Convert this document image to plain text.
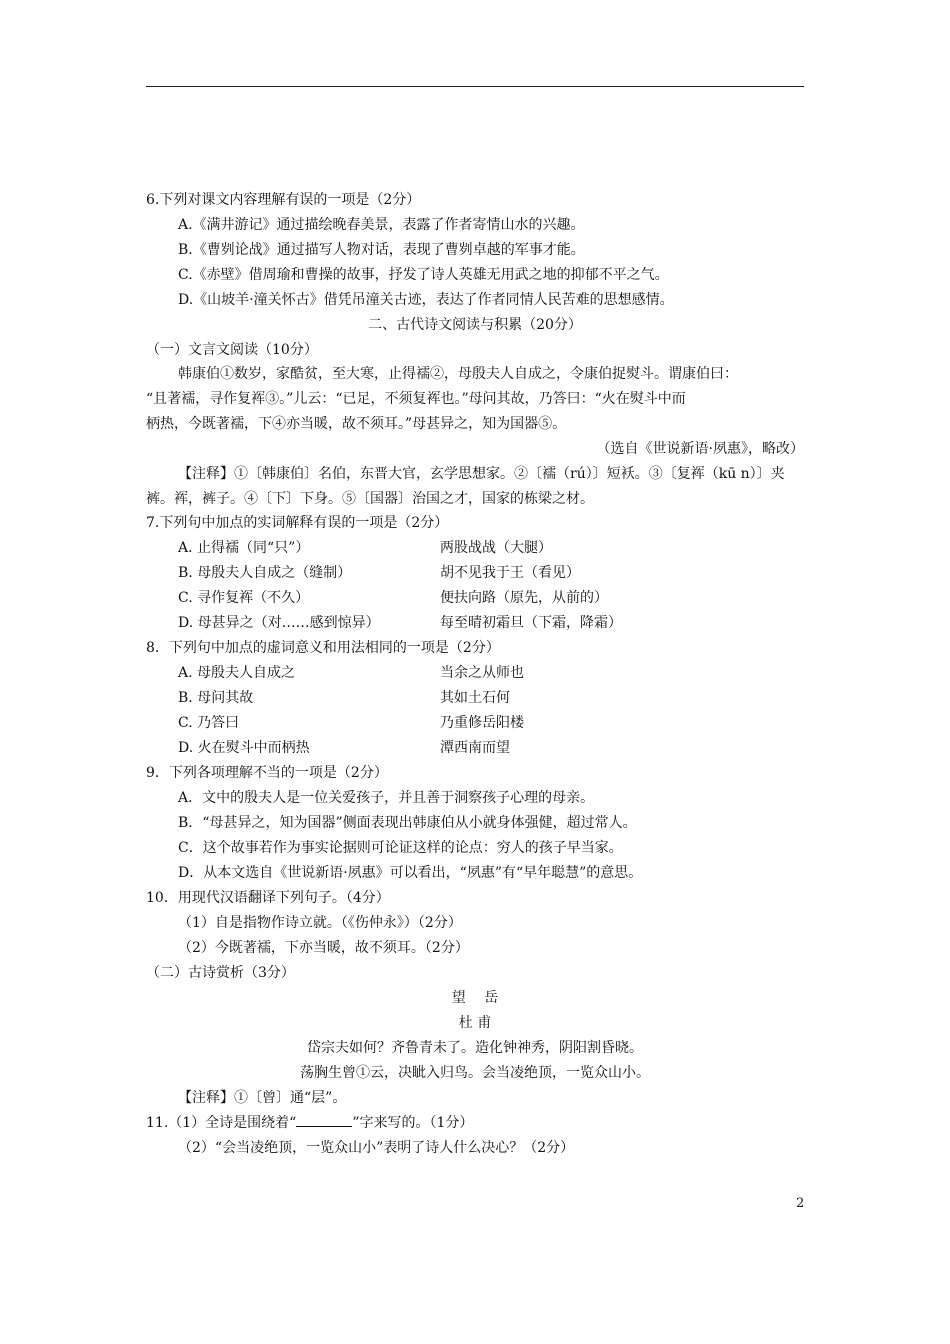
6.下列对课文内容理解有误的一项是（2分）
A.《满井游记》通过描绘晚春美景，表露了作者寄情山水的兴趣。
B.《曹刿论战》通过描写人物对话，表现了曹刿卓越的军事才能。
C.《赤壁》借周瑜和曹操的故事，抒发了诗人英雄无用武之地的抑郁不平之气。
D.《山坡羊·潼关怀古》借凭吊潼关古迹，表达了作者同情人民苦难的思想感情。
二、古代诗文阅读与积累（20分）
（一）文言文阅读（10分）
韩康伯①数岁，家酷贫，至大寒，止得襦②，母殷夫人自成之，令康伯捉熨斗。谓康伯曰：
“且著襦，寻作复裈③。”儿云：“已足，不须复裈也。”母问其故，乃答曰：“火在熨斗中而
柄热，今既著襦，下④亦当暖，故不须耳。”母甚异之，知为国器⑤。
（选自《世说新语·夙惠》，略改）
【注释】①〔韩康伯〕名伯，东晋大官，玄学思想家。②〔襦（rú）〕短袄。③〔复裈（kū n）〕夹
裤。裈，裤子。④〔下〕下身。⑤〔国器〕治国之才，国家的栋梁之材。
7.下列句中加点的实词解释有误的一项是（2分）
A. 止得襦（同“只”）	两股战战（大腿）
B. 母殷夫人自成之（缝制）	胡不见我于王（看见）
C. 寻作复裈（不久）	便扶向路（原先，从前的）
D. 母甚异之（对……感到惊异）	每至晴初霜旦（下霜，降霜）
8．下列句中加点的虚词意义和用法相同的一项是（2分）
A. 母殷夫人自成之	当余之从师也
B. 母问其故	其如土石何
C. 乃答曰	乃重修岳阳楼
D. 火在熨斗中而柄热	潭西南而望
9．下列各项理解不当的一项是（2分）
A．文中的殷夫人是一位关爱孩子，并且善于洞察孩子心理的母亲。
B．“母甚异之，知为国器”侧面表现出韩康伯从小就身体强健，超过常人。
C．这个故事若作为事实论据则可论证这样的论点：穷人的孩子早当家。
D．从本文选自《世说新语·夙惠》可以看出，“夙惠”有“早年聪慧”的意思。
10．用现代汉语翻译下列句子。（4分）
（1）自是指物作诗立就。（《伤仲永》）（2分）
（2）今既著襦，下亦当暖，故不须耳。（2分）
（二）古诗赏析（3分）
望　 岳
杜 甫
岱宗夫如何？齐鲁青未了。造化钟神秀，阴阳割昏晓。
荡胸生曾①云，决眦入归鸟。会当凌绝顶，一览众山小。
【注释】①〔曾〕通“层”。
11.（1）全诗是围绕着“	”字来写的。（1分）
（2）“会当凌绝顶，一览众山小”表明了诗人什么决心？（2分）
2
